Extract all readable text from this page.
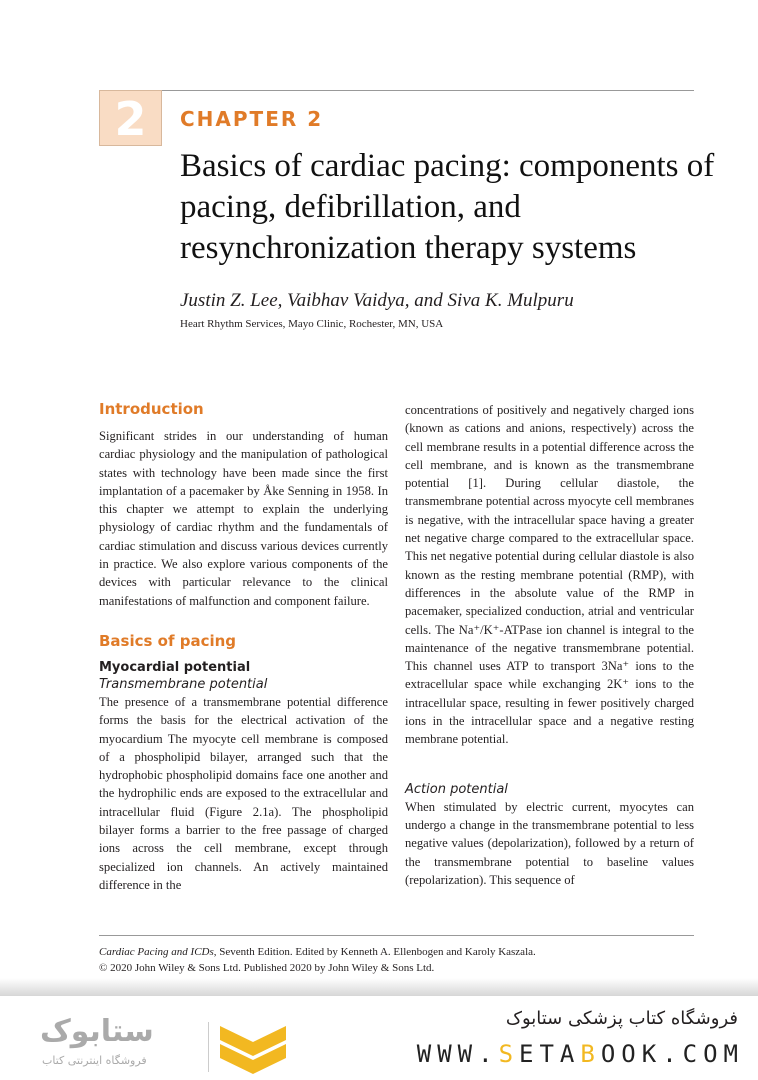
2	CHAPTER 2
Basics of cardiac pacing: components of pacing, defibrillation, and resynchronization therapy systems
Justin Z. Lee, Vaibhav Vaidya, and Siva K. Mulpuru
Heart Rhythm Services, Mayo Clinic, Rochester, MN, USA
Introduction

Significant strides in our understanding of human cardiac physiology and the manipulation of pathological states with technology have been made since the first implantation of a pacemaker by Åke Senning in 1958. In this chapter we attempt to explain the underlying physiology of cardiac rhythm and the fundamentals of cardiac stimulation and discuss various devices currently in practice. We also explore various components of the devices with particular relevance to the clinical manifestations of malfunction and component failure.

Basics of pacing
Myocardial potential
Transmembrane potential

The presence of a transmembrane potential difference forms the basis for the electrical activation of the myocardium The myocyte cell membrane is composed of a phospholipid bilayer, arranged such that the hydrophobic phospholipid domains face one another and the hydrophilic ends are exposed to the extracellular and intracellular fluid (Figure 2.1a). The phospholipid bilayer forms a barrier to the free passage of charged ions across the cell membrane, except through specialized ion channels. An actively maintained difference in the

concentrations of positively and negatively charged ions (known as cations and anions, respectively) across the cell membrane results in a potential difference across the cell membrane, and is known as the transmembrane potential [1]. During cellular diastole, the transmembrane potential across myocyte cell membranes is negative, with the intracellular space having a greater net negative charge compared to the extracellular space. This net negative potential during cellular diastole is also known as the resting membrane potential (RMP), with differences in the absolute value of the RMP in pacemaker, specialized conduction, atrial and ventricular cells. The Na⁺/K⁺-ATPase ion channel is integral to the maintenance of the negative transmembrane potential. This channel uses ATP to transport 3Na⁺ ions to the extracellular space while exchanging 2K⁺ ions to the intracellular space, resulting in fewer positively charged ions in the intracellular space and a negative resting membrane potential.

Action potential

When stimulated by electric current, myocytes can undergo a change in the transmembrane potential to less negative values (depolarization), followed by a return of the transmembrane potential to baseline values (repolarization). This sequence of

Cardiac Pacing and ICDs, Seventh Edition. Edited by Kenneth A. Ellenbogen and Karoly Kaszala.
© 2020 John Wiley & Sons Ltd. Published 2020 by John Wiley & Sons Ltd.
ستابوک
فروشگاه اینترنتی کتاب
فروشگاه کتاب پزشکی ستابوک
WWW.SETABOOK.COM
